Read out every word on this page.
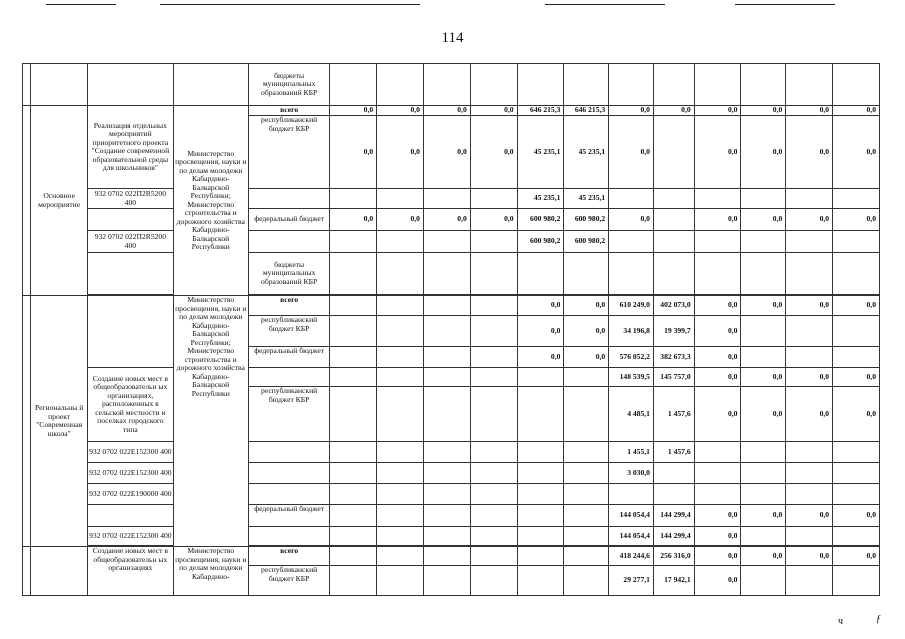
114
				бюджеты муниципальных образований КБР												
	Основное мероприятие	Реализация отдельных мероприятий приоритетного проекта "Создание современной образовательной среды для школьников"	Министерство просвещения, науки и по делам молодежи Кабардино-Балкарской Республики; Министерство строительства и дорожного хозяйства Кабардино-Балкарской Республики	всего	0,0	0,0	0,0	0,0	646 215,3	646 215,3	0,0	0,0	0,0	0,0	0,0	0,0
				республиканский бюджет КБР	0,0	0,0	0,0	0,0	45 235,1	45 235,1	0,0		0,0	0,0	0,0	0,0
		932 0702 022П2R5200 400							45 235,1	45 235,1						
				федеральный бюджет	0,0	0,0	0,0	0,0	600 980,2	600 980,2	0,0		0,0	0,0	0,0	0,0
		932 0702 022П2R5200 400							600 980,2	600 980,2						
				бюджеты муниципальных образований КБР												

	Региональны й проект "Современная школа"		Министерство просвещения, науки и по делам молодежи Кабардино-Балкарской Республики; Министерство строительства и дорожного хозяйства Кабардино-Балкарской Республики	всего					0,0	0,0	610 249,0	402 073,0	0,0	0,0	0,0	0,0
				республиканский бюджет КБР					0,0	0,0	34 196,8	19 399,7	0,0			
				федеральный бюджет					0,0	0,0	576 052,2	382 673,3	0,0			
		Создание новых мест в общеобразовательн ых организациях, расположенных в сельской местности и поселках городского типа									148 539,5	145 757,0	0,0	0,0	0,0	0,0
				республиканский бюджет КБР							4 485,1	1 457,6	0,0	0,0	0,0	0,0
		932 0702 022E152300 400									1 455,1	1 457,6				
		932 0702 022E152300 400									3 030,0					
		932 0702 022E190000 400														
				федеральный бюджет							144 054,4	144 299,4	0,0	0,0	0,0	0,0
		932 0702 022E152300 400									144 054,4	144 299,4	0,0			

		Создание новых мест в общеобразовательн ых организациях	Министерство просвещения, науки и по делам молодежи Кабардино-	всего							418 244,6	256 316,0	0,0	0,0	0,0	0,0
				республиканский бюджет КБР							29 277,1	17 942,1	0,0			
ч	ƒ
